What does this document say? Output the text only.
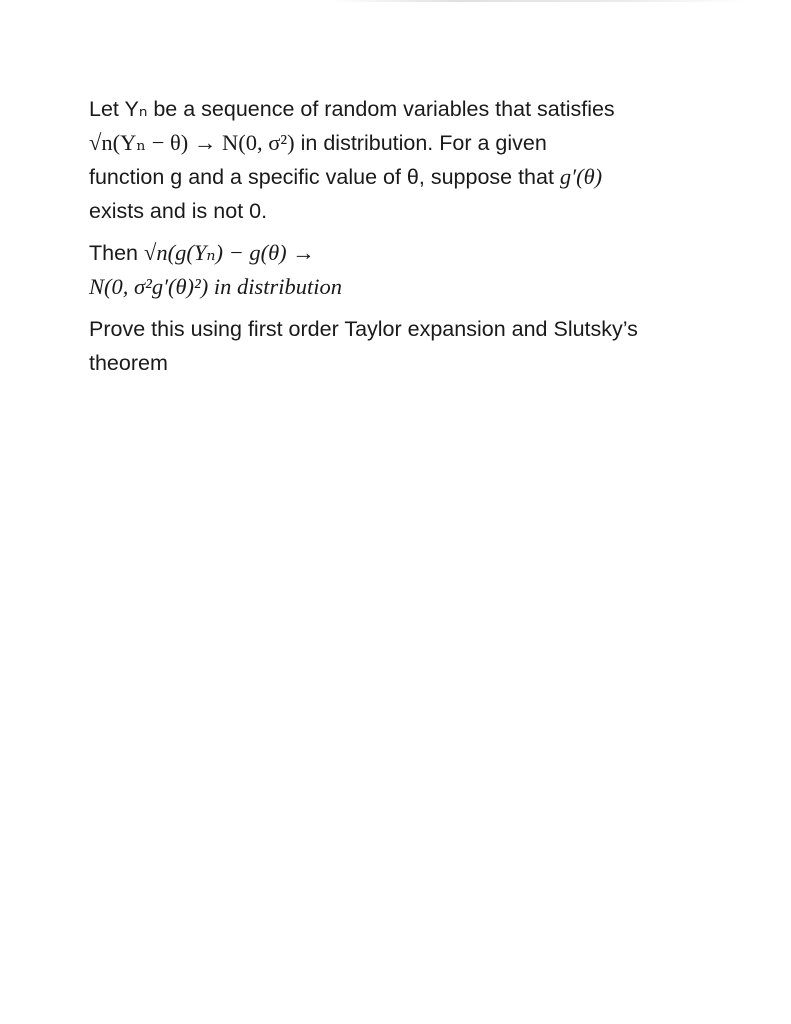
Let Yₙ be a sequence of random variables that satisfies
√n(Yₙ − θ) → N(0, σ²) in distribution. For a given
function g and a specific value of θ, suppose that g′(θ)
exists and is not 0.

Then √n(g(Yₙ) − g(θ) →
N(0, σ²g′(θ)²) in distribution

Prove this using first order Taylor expansion and Slutsky’s
theorem
